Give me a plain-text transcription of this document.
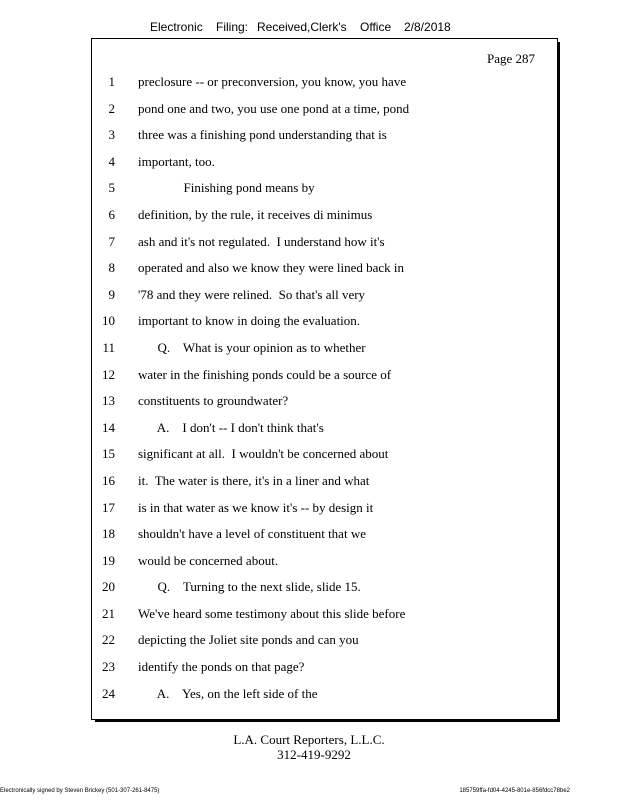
Electronic Filing: Received,Clerk's Office 2/8/2018
Page 287
1 preclosure -- or preconversion, you know, you have
2 pond one and two, you use one pond at a time, pond
3 three was a finishing pond understanding that is
4 important, too.
5 Finishing pond means by
6 definition, by the rule, it receives di minimus
7 ash and it's not regulated.  I understand how it's
8 operated and also we know they were lined back in
9 '78 and they were relined.  So that's all very
10 important to know in doing the evaluation.
11 Q.    What is your opinion as to whether
12 water in the finishing ponds could be a source of
13 constituents to groundwater?
14 A.    I don't -- I don't think that's
15 significant at all.  I wouldn't be concerned about
16 it.  The water is there, it's in a liner and what
17 is in that water as we know it's -- by design it
18 shouldn't have a level of constituent that we
19 would be concerned about.
20 Q.    Turning to the next slide, slide 15.
21 We've heard some testimony about this slide before
22 depicting the Joliet site ponds and can you
23 identify the ponds on that page?
24 A.    Yes, on the left side of the
L.A. Court Reporters, L.L.C.
312-419-9292
Electronically signed by Steven Brickey (501-307-261-8475)	185759ffa-fd04-4245-801e-856fdcc78be2
